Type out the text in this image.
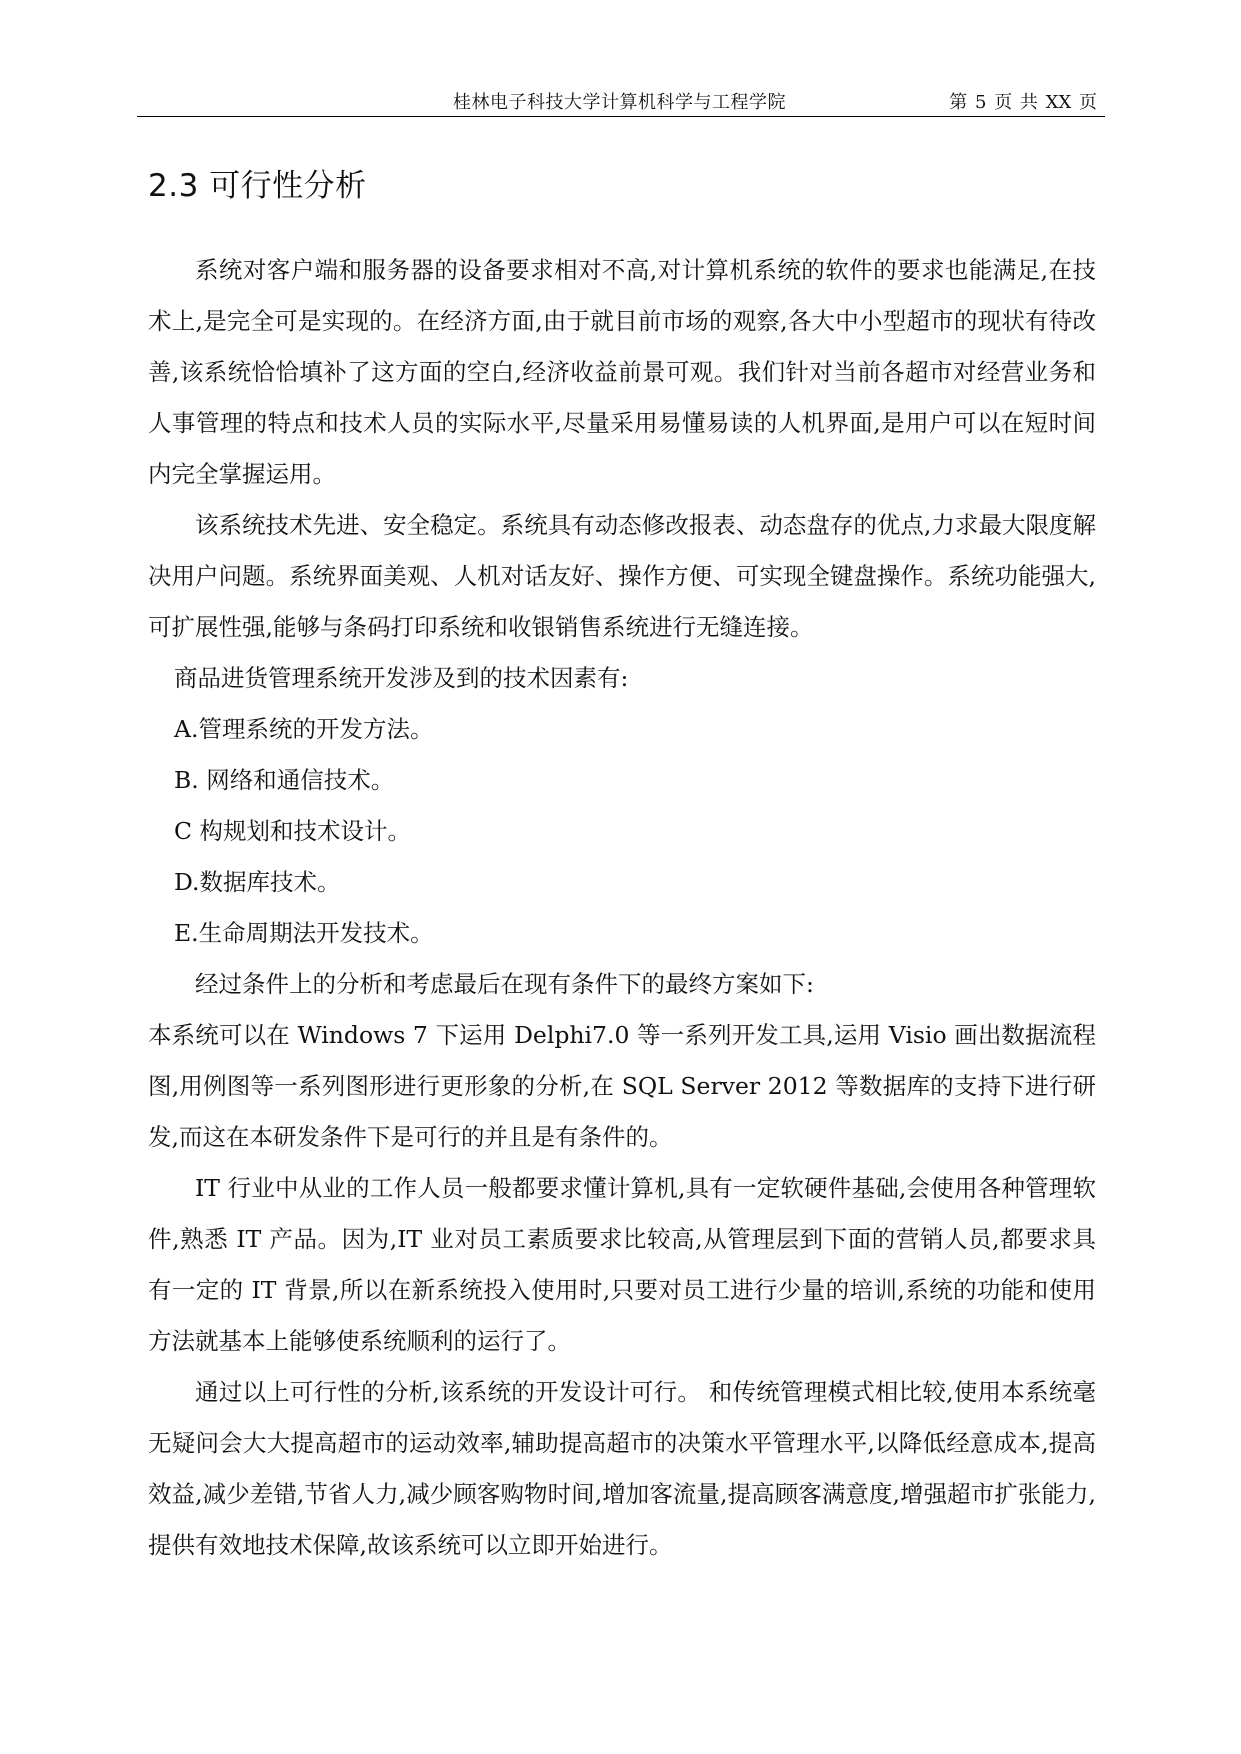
桂林电子科技大学计算机科学与工程学院	第 5 页 共 XX 页
2.3 可行性分析

系统对客户端和服务器的设备要求相对不高,对计算机系统的软件的要求也能满足,在技术上,是完全可是实现的。在经济方面,由于就目前市场的观察,各大中小型超市的现状有待改善,该系统恰恰填补了这方面的空白,经济收益前景可观。我们针对当前各超市对经营业务和人事管理的特点和技术人员的实际水平,尽量采用易懂易读的人机界面,是用户可以在短时间内完全掌握运用。

该系统技术先进、安全稳定。系统具有动态修改报表、动态盘存的优点,力求最大限度解决用户问题。系统界面美观、人机对话友好、操作方便、可实现全键盘操作。系统功能强大,可扩展性强,能够与条码打印系统和收银销售系统进行无缝连接。

商品进货管理系统开发涉及到的技术因素有:

A.管理系统的开发方法。

B. 网络和通信技术。

C 构规划和技术设计。

D.数据库技术。

E.生命周期法开发技术。

经过条件上的分析和考虑最后在现有条件下的最终方案如下:

本系统可以在 Windows 7 下运用 Delphi7.0 等一系列开发工具,运用 Visio 画出数据流程图,用例图等一系列图形进行更形象的分析,在 SQL Server 2012 等数据库的支持下进行研发,而这在本研发条件下是可行的并且是有条件的。

IT 行业中从业的工作人员一般都要求懂计算机,具有一定软硬件基础,会使用各种管理软件,熟悉 IT 产品。因为,IT 业对员工素质要求比较高,从管理层到下面的营销人员,都要求具有一定的 IT 背景,所以在新系统投入使用时,只要对员工进行少量的培训,系统的功能和使用方法就基本上能够使系统顺利的运行了。

通过以上可行性的分析,该系统的开发设计可行。 和传统管理模式相比较,使用本系统毫无疑问会大大提高超市的运动效率,辅助提高超市的决策水平管理水平,以降低经意成本,提高效益,减少差错,节省人力,减少顾客购物时间,增加客流量,提高顾客满意度,增强超市扩张能力,提供有效地技术保障,故该系统可以立即开始进行。
